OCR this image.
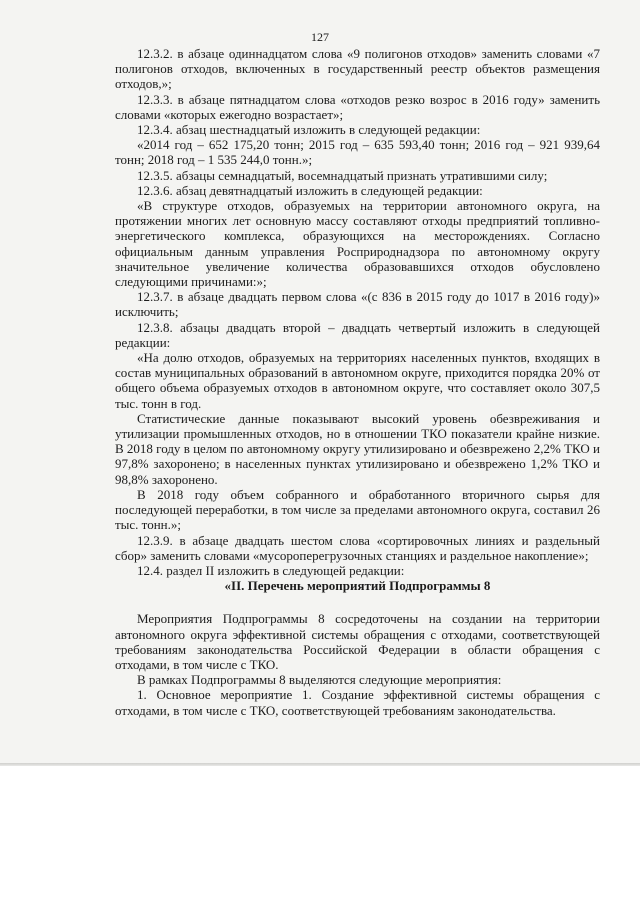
127

12.3.2. в абзаце одиннадцатом слова «9 полигонов отходов» заменить словами «7 полигонов отходов, включенных в государственный реестр объектов размещения отходов,»;

12.3.3. в абзаце пятнадцатом слова «отходов резко возрос в 2016 году» заменить словами «которых ежегодно возрастает»;

12.3.4. абзац шестнадцатый изложить в следующей редакции:

«2014 год – 652 175,20 тонн; 2015 год – 635 593,40 тонн; 2016 год – 921 939,64 тонн; 2018 год – 1 535 244,0 тонн.»;

12.3.5. абзацы семнадцатый, восемнадцатый признать утратившими силу;

12.3.6. абзац девятнадцатый изложить в следующей редакции:

«В структуре отходов, образуемых на территории автономного округа, на протяжении многих лет основную массу составляют отходы предприятий топливно-энергетического комплекса, образующихся на месторождениях. Согласно официальным данным управления Росприроднадзора по автономному округу значительное увеличение количества образовавшихся отходов обусловлено следующими причинами:»;

12.3.7. в абзаце двадцать первом слова «(с 836 в 2015 году до 1017 в 2016 году)» исключить;

12.3.8. абзацы двадцать второй – двадцать четвертый изложить в следующей редакции:

«На долю отходов, образуемых на территориях населенных пунктов, входящих в состав муниципальных образований в автономном округе, приходится порядка 20% от общего объема образуемых отходов в автономном округе, что составляет около 307,5 тыс. тонн в год.

Статистические данные показывают высокий уровень обезвреживания и утилизации промышленных отходов, но в отношении ТКО показатели крайне низкие. В 2018 году в целом по автономному округу утилизировано и обезврежено 2,2% ТКО и 97,8% захоронено; в населенных пунктах утилизировано и обезврежено 1,2% ТКО и 98,8% захоронено.

В 2018 году объем собранного и обработанного вторичного сырья для последующей переработки, в том числе за пределами автономного округа, составил 26 тыс. тонн.»;

12.3.9. в абзаце двадцать шестом слова «сортировочных линиях и раздельный сбор» заменить словами «мусороперегрузочных станциях и раздельное накопление»;

12.4. раздел II изложить в следующей редакции:

«II. Перечень мероприятий Подпрограммы 8

Мероприятия Подпрограммы 8 сосредоточены на создании на территории автономного округа эффективной системы обращения с отходами, соответствующей требованиям законодательства Российской Федерации в области обращения с отходами, в том числе с ТКО.

В рамках Подпрограммы 8 выделяются следующие мероприятия:

1. Основное мероприятие 1. Создание эффективной системы обращения с отходами, в том числе с ТКО, соответствующей требованиям законодательства.
